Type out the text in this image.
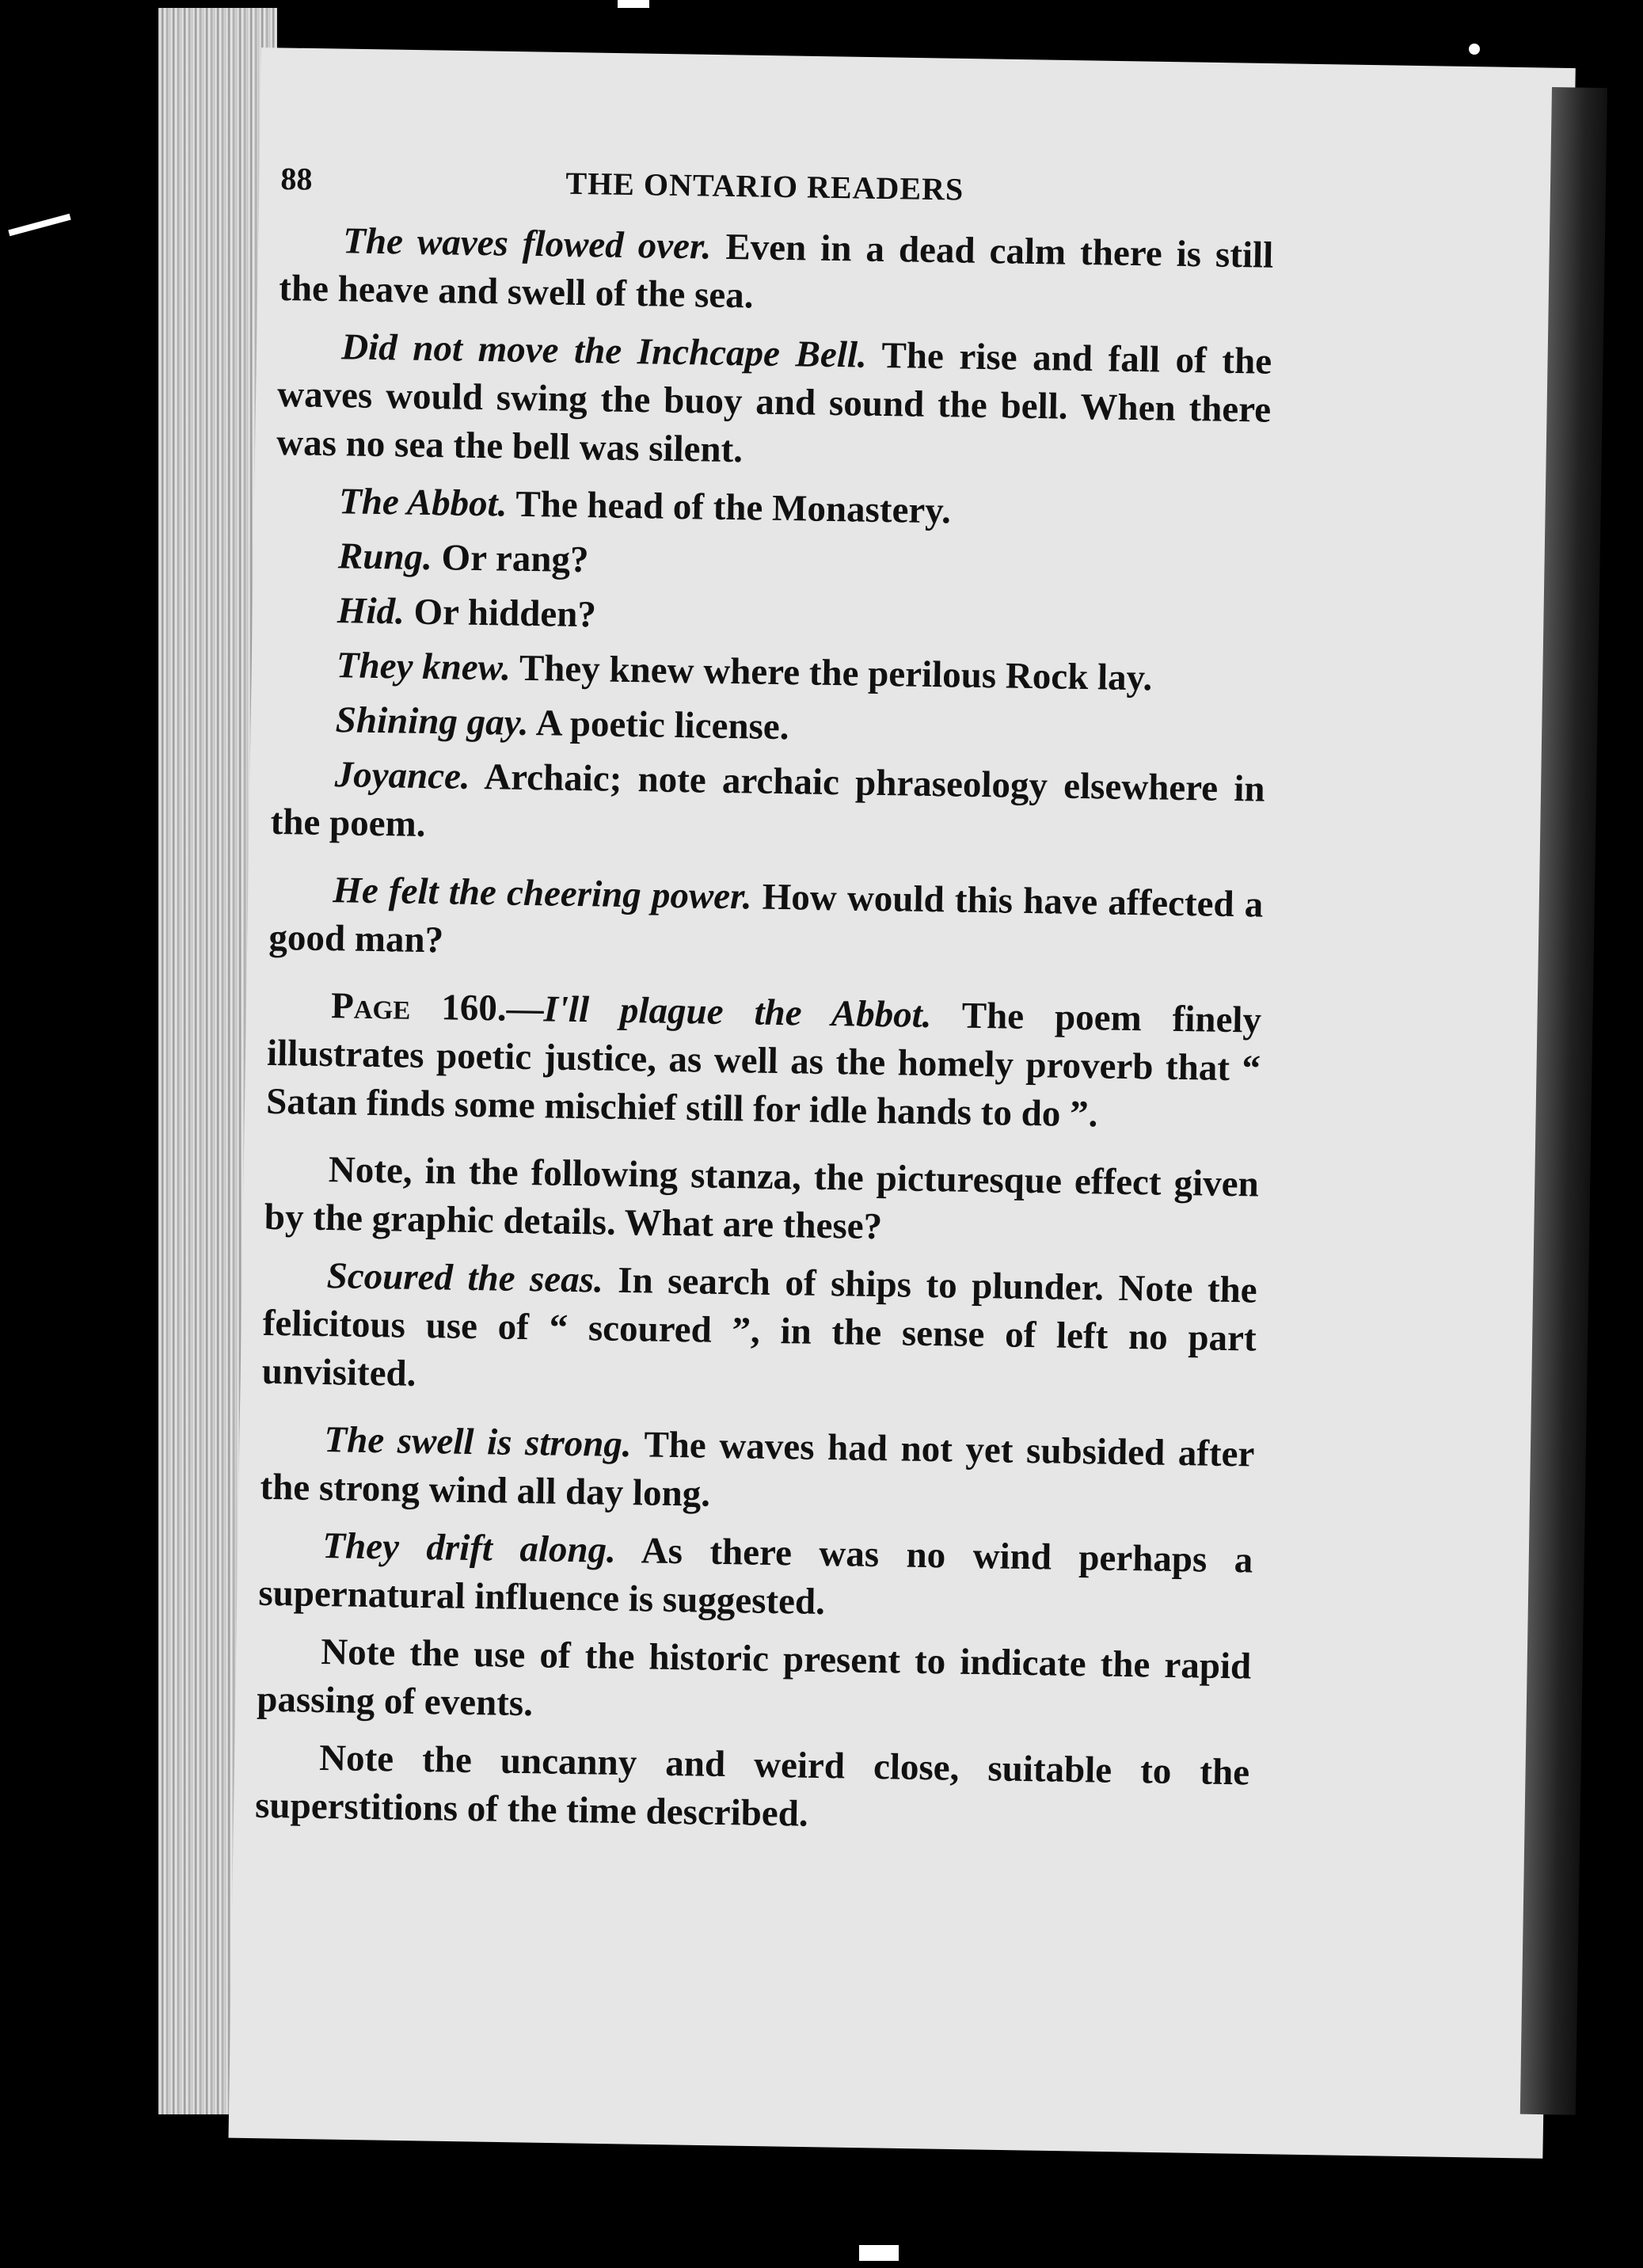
88	THE ONTARIO READERS

The waves flowed over. Even in a dead calm there is still the heave and swell of the sea.

Did not move the Inchcape Bell. The rise and fall of the waves would swing the buoy and sound the bell. When there was no sea the bell was silent.

The Abbot. The head of the Monastery.

Rung. Or rang?

Hid. Or hidden?

They knew. They knew where the perilous Rock lay.

Shining gay. A poetic license.

Joyance. Archaic; note archaic phraseology elsewhere in the poem.

He felt the cheering power. How would this have affected a good man?

Page 160.—I'll plague the Abbot. The poem finely illustrates poetic justice, as well as the homely proverb that “ Satan finds some mischief still for idle hands to do ”.

Note, in the following stanza, the picturesque effect given by the graphic details. What are these?

Scoured the seas. In search of ships to plunder. Note the felicitous use of “ scoured ”, in the sense of left no part unvisited.

The swell is strong. The waves had not yet subsided after the strong wind all day long.

They drift along. As there was no wind perhaps a supernatural influence is suggested.

Note the use of the historic present to indicate the rapid passing of events.

Note the uncanny and weird close, suitable to the superstitions of the time described.
